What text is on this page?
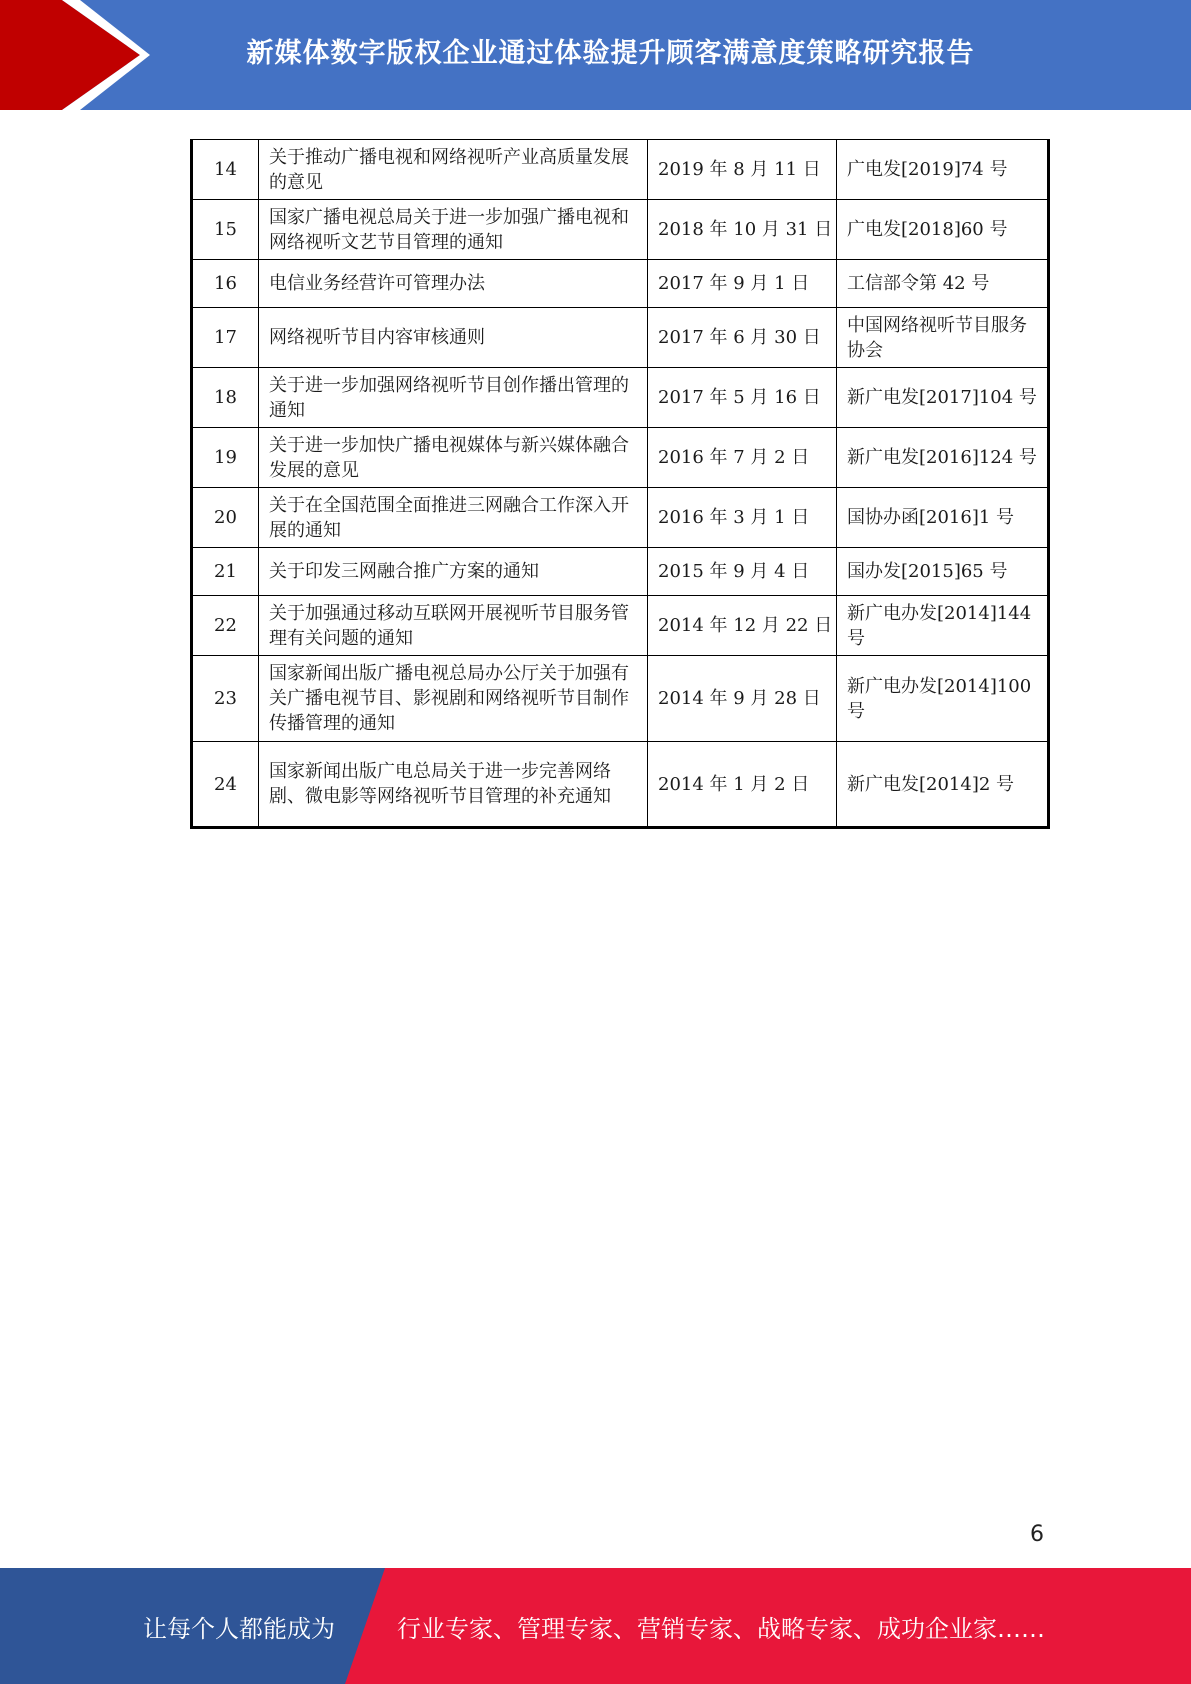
新媒体数字版权企业通过体验提升顾客满意度策略研究报告
14	关于推动广播电视和网络视听产业高质量发展的意见	2019 年 8 月 11 日	广电发[2019]74 号
15	国家广播电视总局关于进一步加强广播电视和网络视听文艺节目管理的通知	2018 年 10 月 31 日	广电发[2018]60 号
16	电信业务经营许可管理办法	2017 年 9 月 1 日	工信部令第 42 号
17	网络视听节目内容审核通则	2017 年 6 月 30 日	中国网络视听节目服务协会
18	关于进一步加强网络视听节目创作播出管理的通知	2017 年 5 月 16 日	新广电发[2017]104 号
19	关于进一步加快广播电视媒体与新兴媒体融合发展的意见	2016 年 7 月 2 日	新广电发[2016]124 号
20	关于在全国范围全面推进三网融合工作深入开展的通知	2016 年 3 月 1 日	国协办函[2016]1 号
21	关于印发三网融合推广方案的通知	2015 年 9 月 4 日	国办发[2015]65 号
22	关于加强通过移动互联网开展视听节目服务管理有关问题的通知	2014 年 12 月 22 日	新广电办发[2014]144 号
23	国家新闻出版广播电视总局办公厅关于加强有关广播电视节目、影视剧和网络视听节目制作传播管理的通知	2014 年 9 月 28 日	新广电办发[2014]100 号
24	国家新闻出版广电总局关于进一步完善网络剧、微电影等网络视听节目管理的补充通知	2014 年 1 月 2 日	新广电发[2014]2 号
6
让每个人都能成为	行业专家、管理专家、营销专家、战略专家、成功企业家……
